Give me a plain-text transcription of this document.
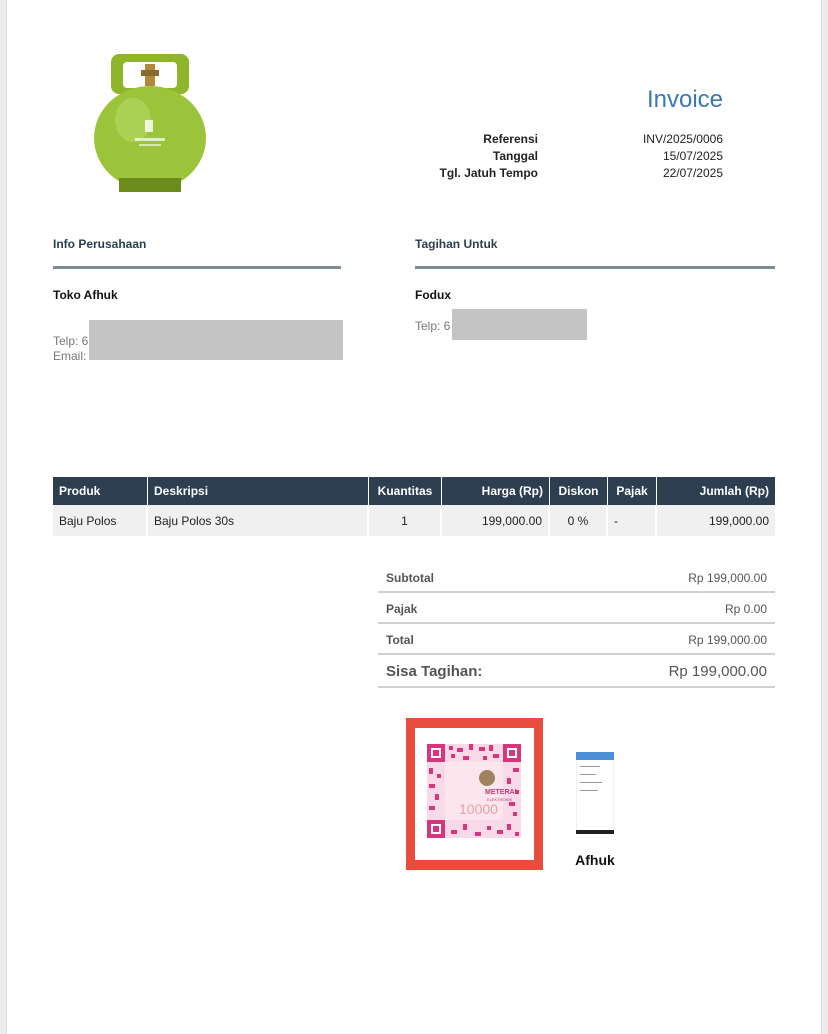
Invoice
Referensi	INV/2025/0006
Tanggal	15/07/2025
Tgl. Jatuh Tempo	22/07/2025
Info Perusahaan
Toko Afhuk
Telp: 6
Email:
Tagihan Untuk
Fodux
Telp: 6
Produk	Deskripsi	Kuantitas	Harga (Rp)	Diskon	Pajak	Jumlah (Rp)
Baju Polos	Baju Polos 30s	1	199,000.00	0 %	-	199,000.00
Subtotal	Rp 199,000.00
Pajak	Rp 0.00
Total	Rp 199,000.00
Sisa Tagihan:	Rp 199,000.00
METERAI
ELEKTRONIK
10000
Afhuk
